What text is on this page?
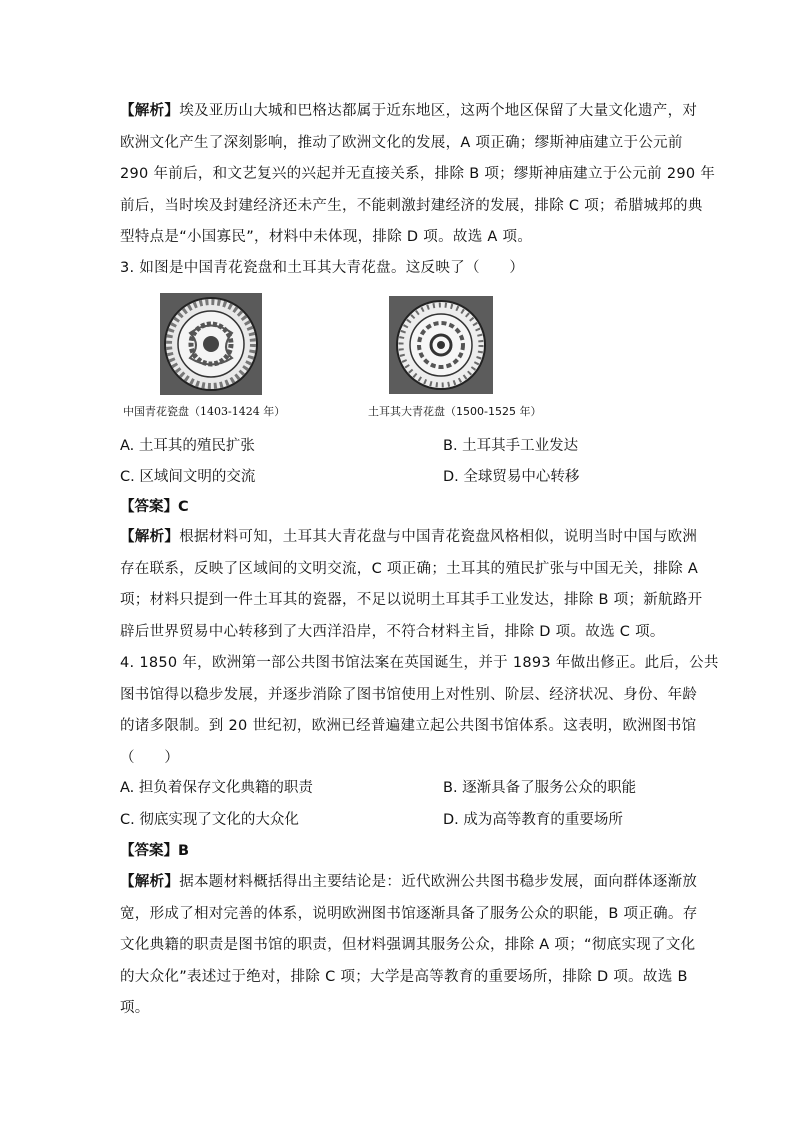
【解析】埃及亚历山大城和巴格达都属于近东地区，这两个地区保留了大量文化遗产，对
欧洲文化产生了深刻影响，推动了欧洲文化的发展，A 项正确；缪斯神庙建立于公元前
290 年前后，和文艺复兴的兴起并无直接关系，排除 B 项；缪斯神庙建立于公元前 290 年
前后，当时埃及封建经济还未产生，不能刺激封建经济的发展，排除 C 项；希腊城邦的典
型特点是“小国寡民”，材料中未体现，排除 D 项。故选 A 项。
3. 如图是中国青花瓷盘和土耳其大青花盘。这反映了（　　）
中国青花瓷盘（1403-1424 年）	土耳其大青花盘（1500-1525 年）
A. 土耳其的殖民扩张	B. 土耳其手工业发达
C. 区域间文明的交流	D. 全球贸易中心转移
【答案】C
【解析】根据材料可知，土耳其大青花盘与中国青花瓷盘风格相似，说明当时中国与欧洲
存在联系，反映了区域间的文明交流，C 项正确；土耳其的殖民扩张与中国无关，排除 A
项；材料只提到一件土耳其的瓷器，不足以说明土耳其手工业发达，排除 B 项；新航路开
辟后世界贸易中心转移到了大西洋沿岸，不符合材料主旨，排除 D 项。故选 C 项。
4. 1850 年，欧洲第一部公共图书馆法案在英国诞生，并于 1893 年做出修正。此后，公共
图书馆得以稳步发展，并逐步消除了图书馆使用上对性别、阶层、经济状况、身份、年龄
的诸多限制。到 20 世纪初，欧洲已经普遍建立起公共图书馆体系。这表明，欧洲图书馆
（　　）
A. 担负着保存文化典籍的职责	B. 逐渐具备了服务公众的职能
C. 彻底实现了文化的大众化	D. 成为高等教育的重要场所
【答案】B
【解析】据本题材料概括得出主要结论是：近代欧洲公共图书稳步发展，面向群体逐渐放
宽，形成了相对完善的体系，说明欧洲图书馆逐渐具备了服务公众的职能，B 项正确。存
文化典籍的职责是图书馆的职责，但材料强调其服务公众，排除 A 项；“彻底实现了文化
的大众化”表述过于绝对，排除 C 项；大学是高等教育的重要场所，排除 D 项。故选 B
项。
